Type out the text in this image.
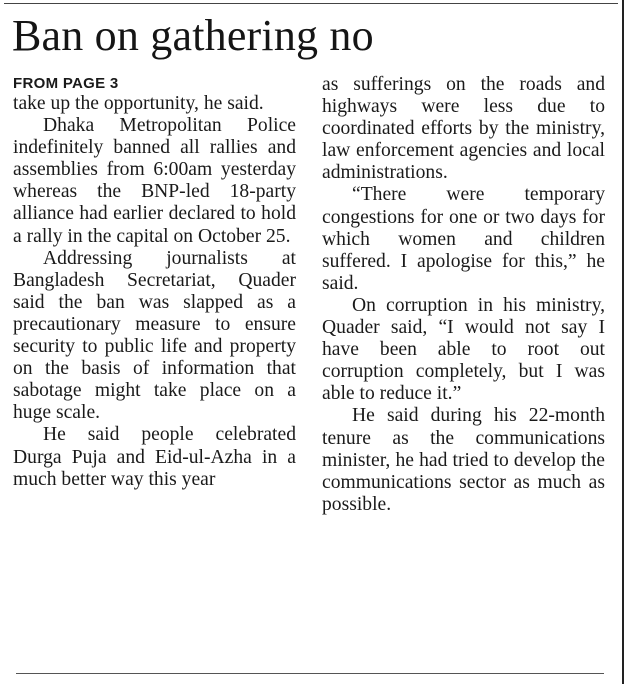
Ban on gathering no
FROM PAGE 3

take up the opportunity, he said.

Dhaka Metropolitan Police indefinitely banned all rallies and assemblies from 6:00am yesterday whereas the BNP-led 18-party alliance had earlier declared to hold a rally in the capital on October 25.

Addressing journalists at Bangladesh Secretariat, Quader said the ban was slapped as a precautionary measure to ensure security to public life and property on the basis of information that sabotage might take place on a huge scale.

He said people celebrated Durga Puja and Eid-ul-Azha in a much better way this year

as sufferings on the roads and highways were less due to coordinated efforts by the ministry, law enforcement agencies and local administrations.

“There were temporary congestions for one or two days for which women and children suffered. I apologise for this,” he said.

On corruption in his ministry, Quader said, “I would not say I have been able to root out corruption completely, but I was able to reduce it.”

He said during his 22-month tenure as the communications minister, he had tried to develop the communications sector as much as possible.
